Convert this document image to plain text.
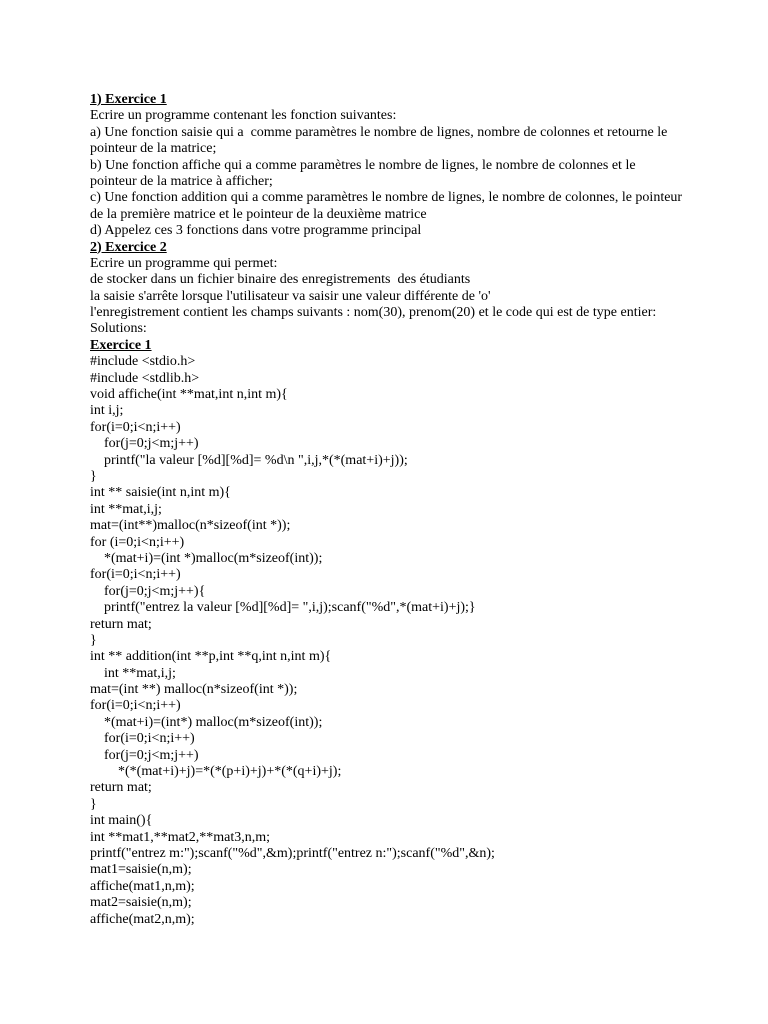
1) Exercice 1
Ecrire un programme contenant les fonction suivantes:
a) Une fonction saisie qui a  comme paramètres le nombre de lignes, nombre de colonnes et retourne le
pointeur de la matrice;
b) Une fonction affiche qui a comme paramètres le nombre de lignes, le nombre de colonnes et le
pointeur de la matrice à afficher;
c) Une fonction addition qui a comme paramètres le nombre de lignes, le nombre de colonnes, le pointeur
de la première matrice et le pointeur de la deuxième matrice
d) Appelez ces 3 fonctions dans votre programme principal
2) Exercice 2
Ecrire un programme qui permet:
de stocker dans un fichier binaire des enregistrements  des étudiants
la saisie s'arrête lorsque l'utilisateur va saisir une valeur différente de 'o'
l'enregistrement contient les champs suivants : nom(30), prenom(20) et le code qui est de type entier:
Solutions:
Exercice 1
#include <stdio.h>
#include <stdlib.h>
void affiche(int **mat,int n,int m){
int i,j;
for(i=0;i<n;i++)
for(j=0;j<m;j++)
printf("la valeur [%d][%d]= %d\n ",i,j,*(*(mat+i)+j));
}
int ** saisie(int n,int m){
int **mat,i,j;
mat=(int**)malloc(n*sizeof(int *));
for (i=0;i<n;i++)
*(mat+i)=(int *)malloc(m*sizeof(int));
for(i=0;i<n;i++)
for(j=0;j<m;j++){
printf("entrez la valeur [%d][%d]= ",i,j);scanf("%d",*(mat+i)+j);}
return mat;
}
int ** addition(int **p,int **q,int n,int m){
int **mat,i,j;
mat=(int **) malloc(n*sizeof(int *));
for(i=0;i<n;i++)
*(mat+i)=(int*) malloc(m*sizeof(int));
for(i=0;i<n;i++)
for(j=0;j<m;j++)
*(*(mat+i)+j)=*(*(p+i)+j)+*(*(q+i)+j);
return mat;
}
int main(){
int **mat1,**mat2,**mat3,n,m;
printf("entrez m:");scanf("%d",&m);printf("entrez n:");scanf("%d",&n);
mat1=saisie(n,m);
affiche(mat1,n,m);
mat2=saisie(n,m);
affiche(mat2,n,m);
